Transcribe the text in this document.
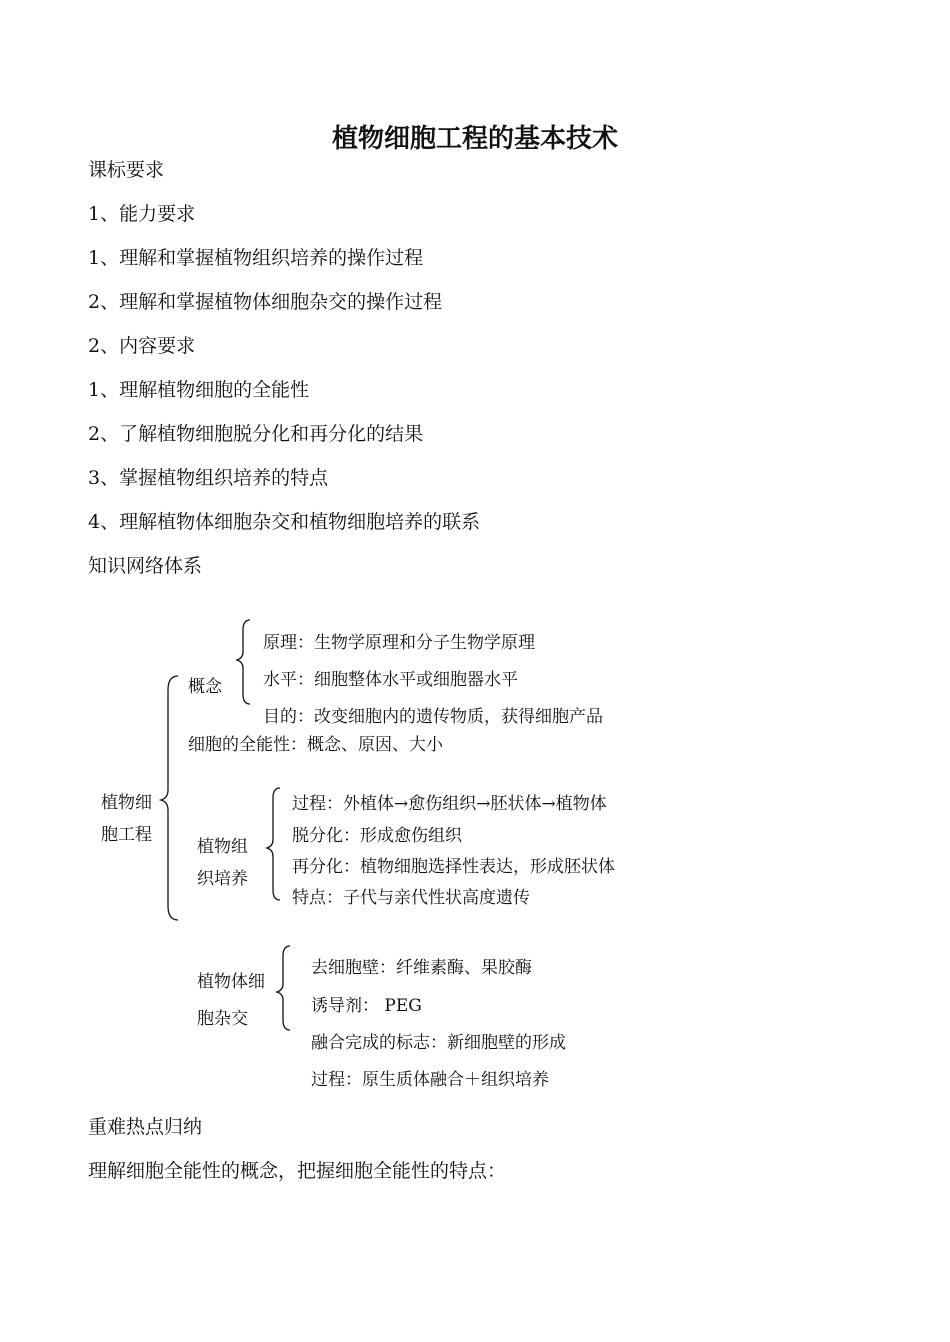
植物细胞工程的基本技术
课标要求
1、能力要求
1、理解和掌握植物组织培养的操作过程
2、理解和掌握植物体细胞杂交的操作过程
2、内容要求
1、理解植物细胞的全能性
2、了解植物细胞脱分化和再分化的结果
3、掌握植物组织培养的特点
4、理解植物体细胞杂交和植物细胞培养的联系
知识网络体系
植物细
胞工程
概念
原理：生物学原理和分子生物学原理
水平：细胞整体水平或细胞器水平
目的：改变细胞内的遗传物质，获得细胞产品
细胞的全能性：概念、原因、大小
植物组
织培养
过程：外植体→愈伤组织→胚状体→植物体
脱分化：形成愈伤组织
再分化：植物细胞选择性表达，形成胚状体
特点：子代与亲代性状高度遗传
植物体细
胞杂交
去细胞壁：纤维素酶、果胶酶
诱导剂： PEG
融合完成的标志：新细胞壁的形成
过程：原生质体融合＋组织培养
重难热点归纳
理解细胞全能性的概念，把握细胞全能性的特点：
